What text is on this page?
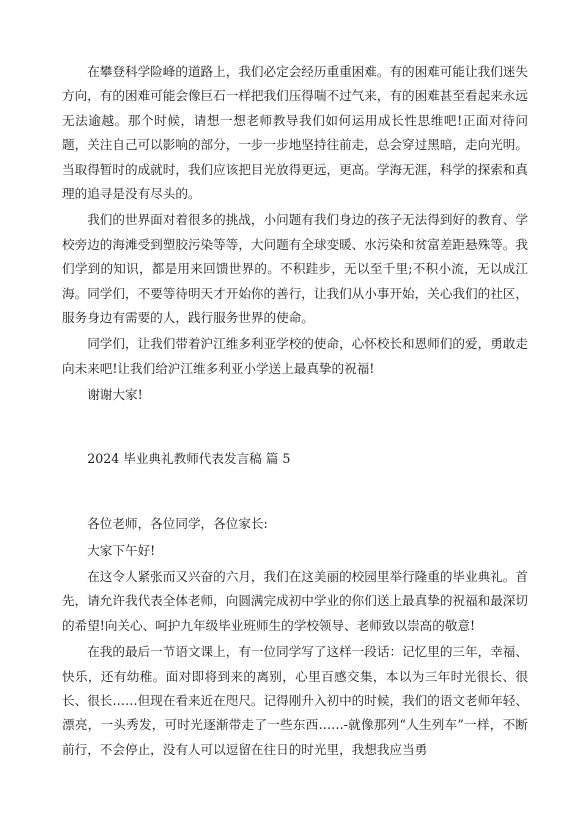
在攀登科学险峰的道路上，我们必定会经历重重困难。有的困难可能让我们迷失方向，有的困难可能会像巨石一样把我们压得喘不过气来，有的困难甚至看起来永远无法逾越。那个时候，请想一想老师教导我们如何运用成长性思维吧!正面对待问题，关注自己可以影响的部分，一步一步地坚持往前走，总会穿过黑暗，走向光明。当取得暂时的成就时，我们应该把目光放得更远，更高。学海无涯，科学的探索和真理的追寻是没有尽头的。

我们的世界面对着很多的挑战，小问题有我们身边的孩子无法得到好的教育、学校旁边的海滩受到塑胶污染等等，大问题有全球变暖、水污染和贫富差距悬殊等。我们学到的知识，都是用来回馈世界的。不积跬步，无以至千里;不积小流，无以成江海。同学们，不要等待明天才开始你的善行，让我们从小事开始，关心我们的社区，服务身边有需要的人，践行服务世界的使命。

同学们，让我们带着沪江维多利亚学校的使命，心怀校长和恩师们的爱，勇敢走向未来吧!让我们给沪江维多利亚小学送上最真挚的祝福!

谢谢大家!

2024 毕业典礼教师代表发言稿 篇 5

各位老师，各位同学，各位家长:

大家下午好!

在这令人紧张而又兴奋的六月，我们在这美丽的校园里举行隆重的毕业典礼。首先，请允许我代表全体老师，向圆满完成初中学业的你们送上最真挚的祝福和最深切的希望!向关心、呵护九年级毕业班师生的学校领导、老师致以崇高的敬意!

在我的最后一节语文课上，有一位同学写了这样一段话：记忆里的三年，幸福、快乐，还有幼稚。面对即将到来的离别，心里百感交集，本以为三年时光很长、很长、很长……但现在看来近在咫尺。记得刚升入初中的时候，我们的语文老师年轻、漂亮，一头秀发，可时光逐渐带走了一些东西……-就像那列“人生列车”一样，不断前行，不会停止，没有人可以逗留在往日的时光里，我想我应当勇
